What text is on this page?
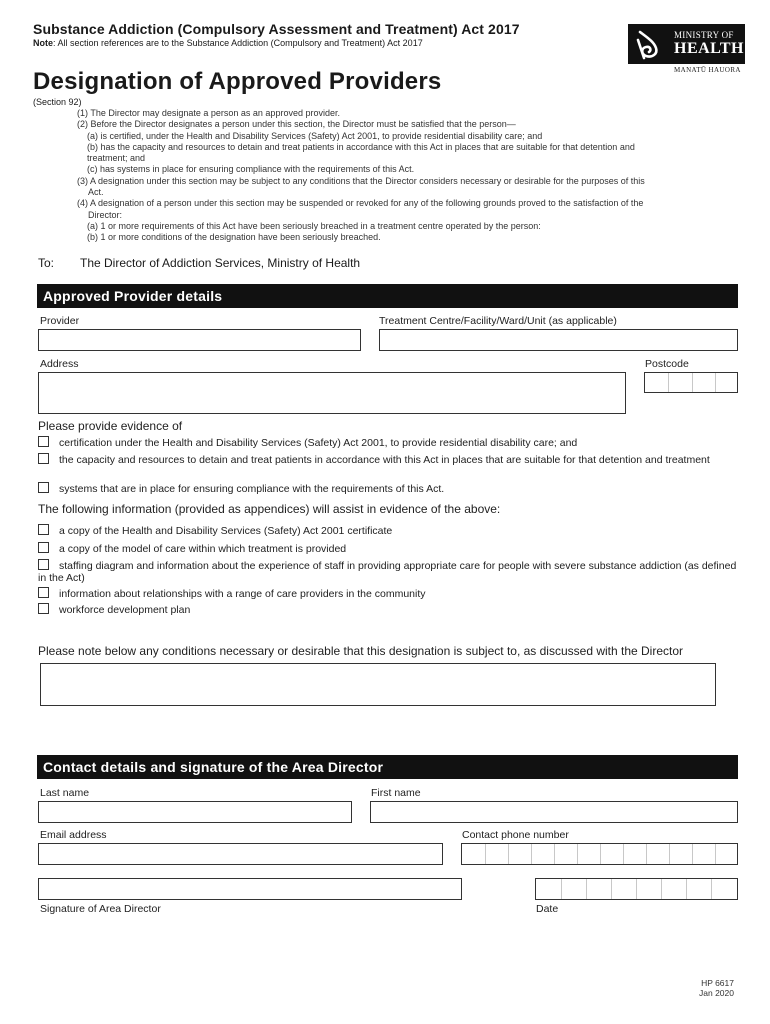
Substance Addiction (Compulsory Assessment and Treatment) Act 2017
Note: All section references are to the Substance Addiction (Compulsory and Treatment) Act 2017
MINISTRY OF
HEALTH
MANATŪ HAUORA
Designation of Approved Providers
(Section 92)
(1) The Director may designate a person as an approved provider.
(2) Before the Director designates a person under this section, the Director must be satisfied that the person—
(a) is certified, under the Health and Disability Services (Safety) Act 2001, to provide residential disability care; and
(b) has the capacity and resources to detain and treat patients in accordance with this Act in places that are suitable for that detention and
treatment; and
(c) has systems in place for ensuring compliance with the requirements of this Act.
(3) A designation under this section may be subject to any conditions that the Director considers necessary or desirable for the purposes of this
Act.
(4) A designation of a person under this section may be suspended or revoked for any of the following grounds proved to the satisfaction of the
Director:
(a) 1 or more requirements of this Act have been seriously breached in a treatment centre operated by the person:
(b) 1 or more conditions of the designation have been seriously breached.
To: The Director of Addiction Services, Ministry of Health
Approved Provider details
Provider	Treatment Centre/Facility/Ward/Unit (as applicable)
Address	Postcode
Please provide evidence of
certification under the Health and Disability Services (Safety) Act 2001, to provide residential disability care; and
the capacity and resources to detain and treat patients in accordance with this Act in places that are suitable for that detention and treatment
systems that are in place for ensuring compliance with the requirements of this Act.
The following information (provided as appendices) will assist in evidence of the above:
a copy of the Health and Disability Services (Safety) Act 2001 certificate
a copy of the model of care within which treatment is provided
staffing diagram and information about the experience of staff in providing appropriate care for people with severe substance addiction (as defined in the Act)
information about relationships with a range of care providers in the community
workforce development plan
Please note below any conditions necessary or desirable that this designation is subject to, as discussed with the Director
Contact details and signature of the Area Director
Last name	First name
Email address	Contact phone number
Signature of Area Director	Date
HP 6617
Jan 2020
